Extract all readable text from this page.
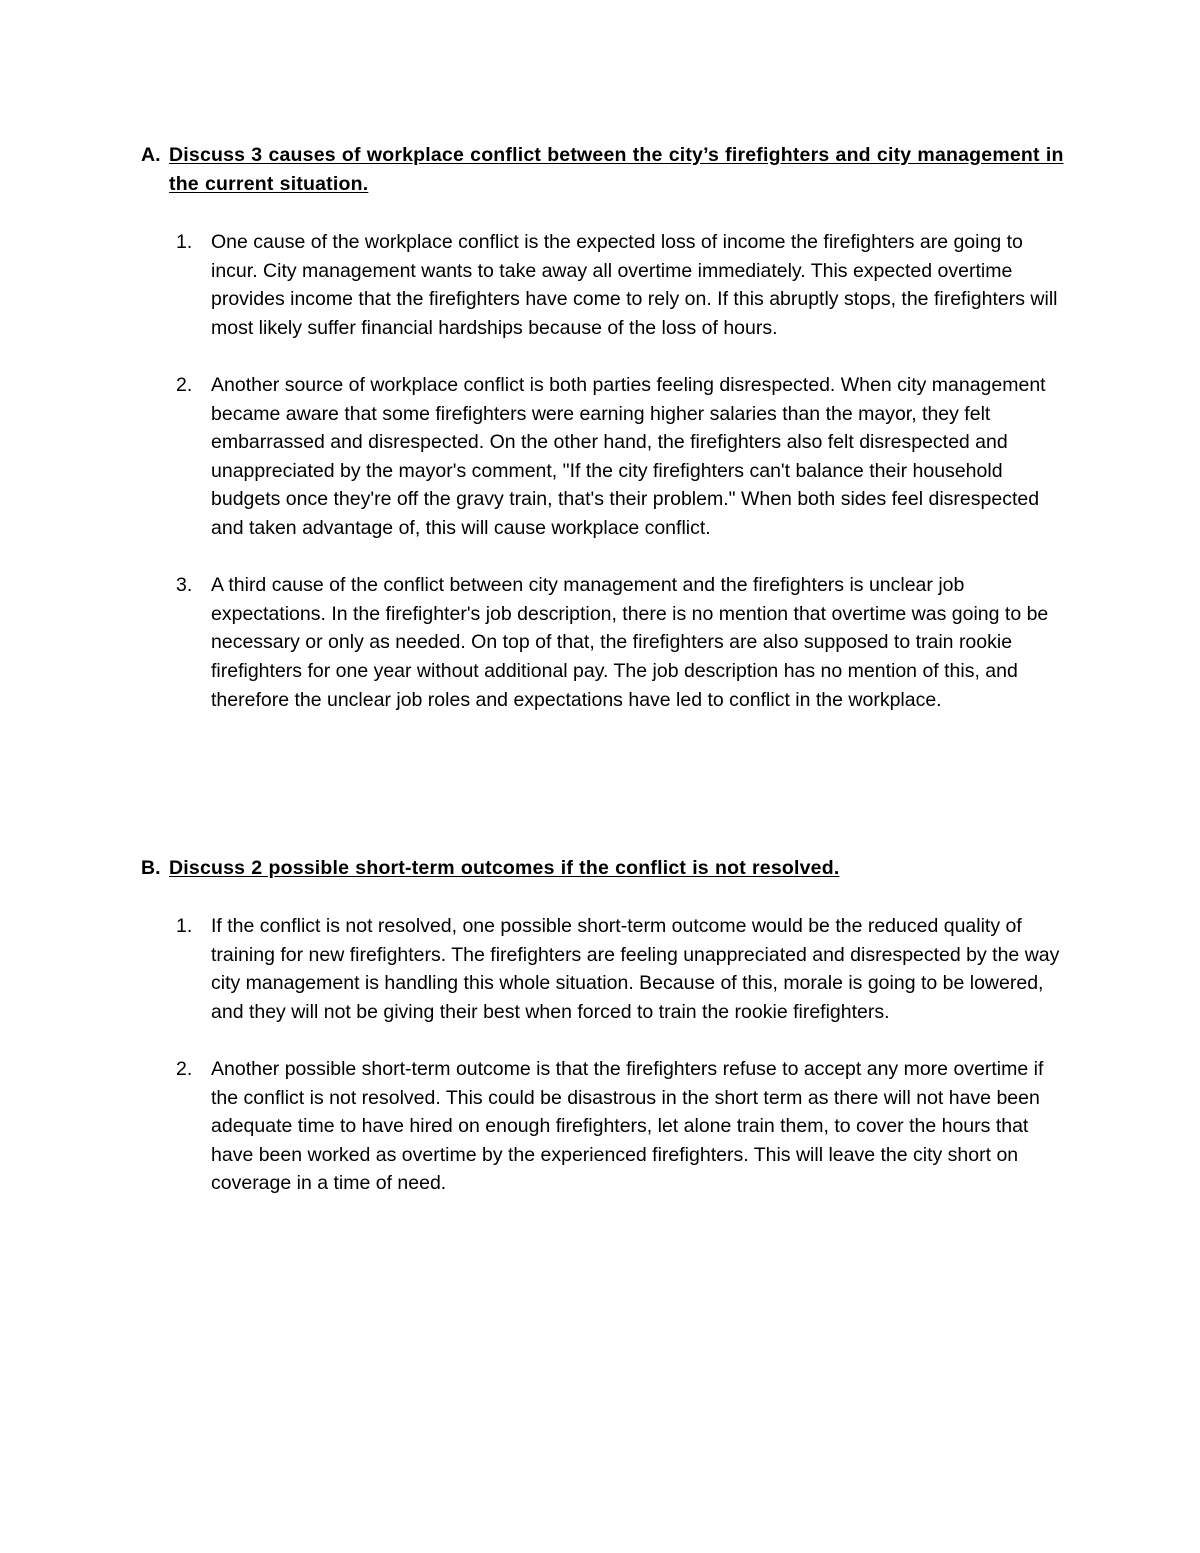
A. Discuss 3 causes of workplace conflict between the city’s firefighters and city management in the current situation.
1. One cause of the workplace conflict is the expected loss of income the firefighters are going to incur. City management wants to take away all overtime immediately. This expected overtime provides income that the firefighters have come to rely on. If this abruptly stops, the firefighters will most likely suffer financial hardships because of the loss of hours.
2. Another source of workplace conflict is both parties feeling disrespected. When city management became aware that some firefighters were earning higher salaries than the mayor, they felt embarrassed and disrespected. On the other hand, the firefighters also felt disrespected and unappreciated by the mayor's comment, "If the city firefighters can't balance their household budgets once they're off the gravy train, that's their problem." When both sides feel disrespected and taken advantage of, this will cause workplace conflict.
3. A third cause of the conflict between city management and the firefighters is unclear job expectations. In the firefighter's job description, there is no mention that overtime was going to be necessary or only as needed. On top of that, the firefighters are also supposed to train rookie firefighters for one year without additional pay. The job description has no mention of this, and therefore the unclear job roles and expectations have led to conflict in the workplace.
B. Discuss 2 possible short-term outcomes if the conflict is not resolved.
1. If the conflict is not resolved, one possible short-term outcome would be the reduced quality of training for new firefighters. The firefighters are feeling unappreciated and disrespected by the way city management is handling this whole situation. Because of this, morale is going to be lowered, and they will not be giving their best when forced to train the rookie firefighters.
2. Another possible short-term outcome is that the firefighters refuse to accept any more overtime if the conflict is not resolved. This could be disastrous in the short term as there will not have been adequate time to have hired on enough firefighters, let alone train them, to cover the hours that have been worked as overtime by the experienced firefighters. This will leave the city short on coverage in a time of need.
